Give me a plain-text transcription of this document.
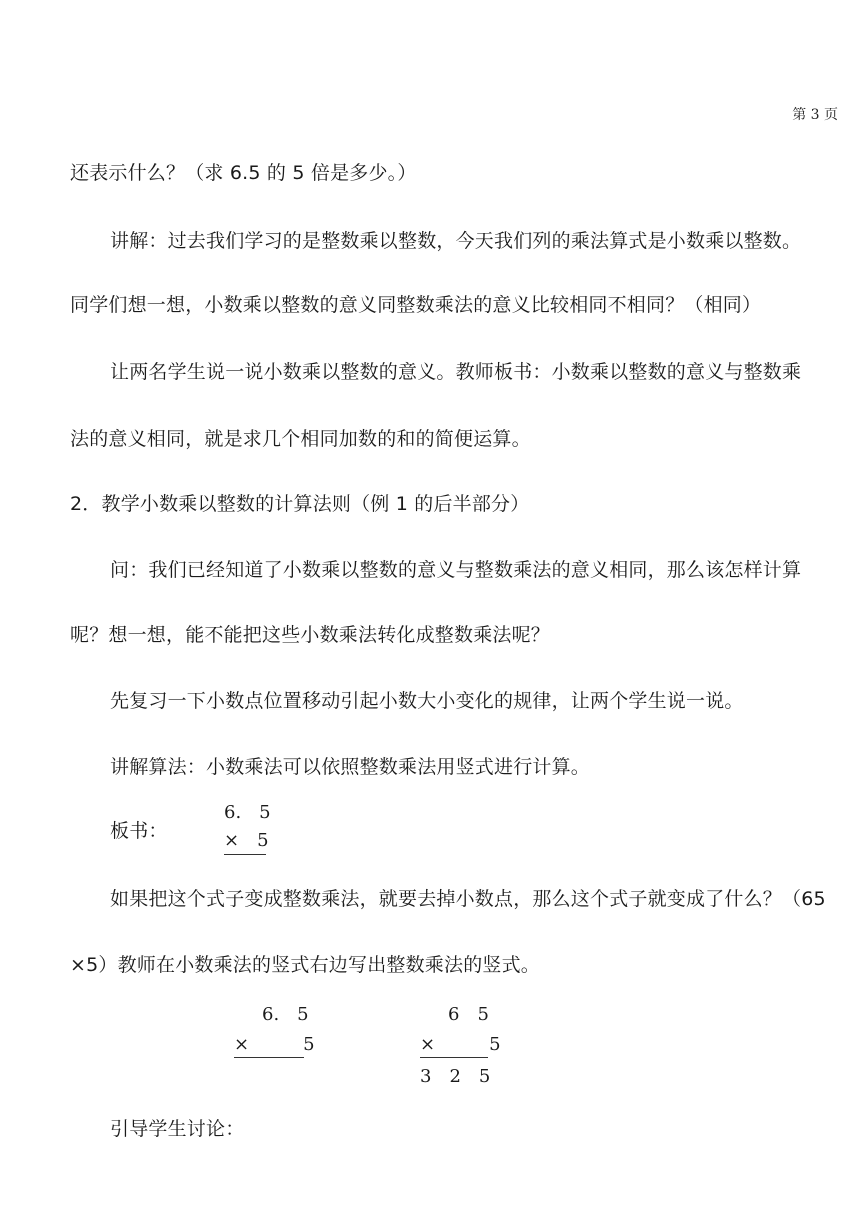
第 3 页
还表示什么？（求 6.5 的 5 倍是多少。）
讲解：过去我们学习的是整数乘以整数，今天我们列的乘法算式是小数乘以整数。
同学们想一想，小数乘以整数的意义同整数乘法的意义比较相同不相同？（相同）
让两名学生说一说小数乘以整数的意义。教师板书：小数乘以整数的意义与整数乘
法的意义相同，就是求几个相同加数的和的简便运算。
2．教学小数乘以整数的计算法则（例 1 的后半部分）
问：我们已经知道了小数乘以整数的意义与整数乘法的意义相同，那么该怎样计算
呢？想一想，能不能把这些小数乘法转化成整数乘法呢？
先复习一下小数点位置移动引起小数大小变化的规律，让两个学生说一说。
讲解算法：小数乘法可以依照整数乘法用竖式进行计算。
板书：
6.　5
×　5
如果把这个式子变成整数乘法，就要去掉小数点，那么这个式子就变成了什么？（65
×5）教师在小数乘法的竖式右边写出整数乘法的竖式。
6.　5
×　　　5
6　5
×　　　5
3　2　5
引导学生讨论：
